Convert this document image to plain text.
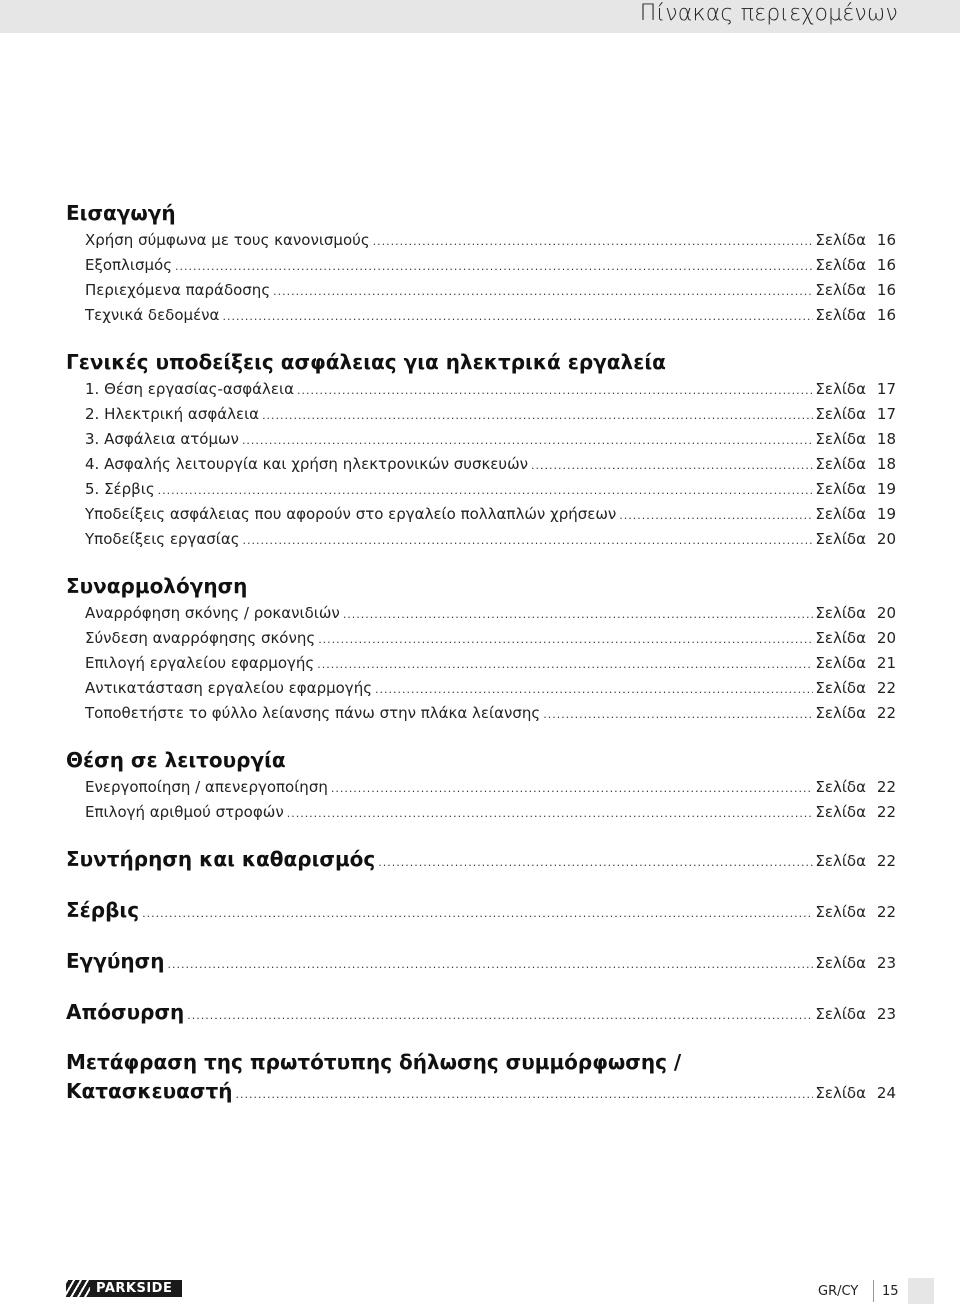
Πίνακας περιεχομένων
Εισαγωγή
Χρήση σύμφωνα με τους κανονισμούς .....	Σελίδα 16
Εξοπλισμός .....	Σελίδα 16
Περιεχόμενα παράδοσης .....	Σελίδα 16
Τεχνικά δεδομένα .....	Σελίδα 16
Γενικές υποδείξεις ασφάλειας για ηλεκτρικά εργαλεία
1. Θέση εργασίας-ασφάλεια .....	Σελίδα 17
2. Ηλεκτρική ασφάλεια .....	Σελίδα 17
3. Ασφάλεια ατόμων .....	Σελίδα 18
4. Ασφαλής λειτουργία και χρήση ηλεκτρονικών συσκευών .....	Σελίδα 18
5. Σέρβις .....	Σελίδα 19
Υποδείξεις ασφάλειας που αφορούν στο εργαλείο πολλαπλών χρήσεων .....	Σελίδα 19
Υποδείξεις εργασίας .....	Σελίδα 20
Συναρμολόγηση
Αναρρόφηση σκόνης / ροκανιδιών .....	Σελίδα 20
Σύνδεση αναρρόφησης σκόνης .....	Σελίδα 20
Επιλογή εργαλείου εφαρμογής .....	Σελίδα 21
Αντικατάσταση εργαλείου εφαρμογής .....	Σελίδα 22
Τοποθετήστε το φύλλο λείανσης πάνω στην πλάκα λείανσης .....	Σελίδα 22
Θέση σε λειτουργία
Ενεργοποίηση / απενεργοποίηση .....	Σελίδα 22
Επιλογή αριθμού στροφών .....	Σελίδα 22
Συντήρηση και καθαρισμός .....	Σελίδα 22
Σέρβις .....	Σελίδα 22
Εγγύηση .....	Σελίδα 23
Απόσυρση .....	Σελίδα 23
Μετάφραση της πρωτότυπης δήλωσης συμμόρφωσης /
Κατασκευαστή .....	Σελίδα 24
PARKSIDE	GR/CY 15
